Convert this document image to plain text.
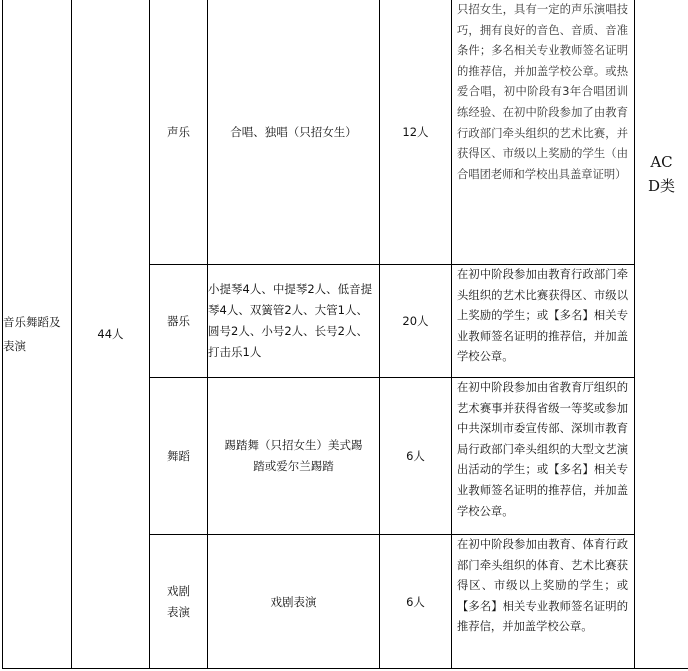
音乐舞蹈及表演	44人	声乐	合唱、独唱（只招女生）	12人	只招女生，具有一定的声乐演唱技巧，拥有良好的音色、音质、音准条件；多名相关专业教师签名证明的推荐信，并加盖学校公章。或热爱合唱，初中阶段有3年合唱团训练经验、在初中阶段参加了由教育行政部门牵头组织的艺术比赛，并获得区、市级以上奖励的学生（由合唱团老师和学校出具盖章证明）	AC D类

		器乐	小提琴4人、中提琴2人、低音提琴4人、双簧管2人、大管1人、圆号2人、小号2人、长号2人、打击乐1人	20人	在初中阶段参加由教育行政部门牵头组织的艺术比赛获得区、市级以上奖励的学生；或【多名】相关专业教师签名证明的推荐信，并加盖学校公章。	
		舞蹈	踢踏舞（只招女生）美式踢踏或爱尔兰踢踏	6人	在初中阶段参加由省教育厅组织的艺术赛事并获得省级一等奖或参加中共深圳市委宣传部、深圳市教育局行政部门牵头组织的大型文艺演出活动的学生；或【多名】相关专业教师签名证明的推荐信，并加盖学校公章。	
		戏剧表演	戏剧表演	6人	在初中阶段参加由教育、体育行政部门牵头组织的体育、艺术比赛获得区、市级以上奖励的学生；或【多名】相关专业教师签名证明的推荐信，并加盖学校公章。	
